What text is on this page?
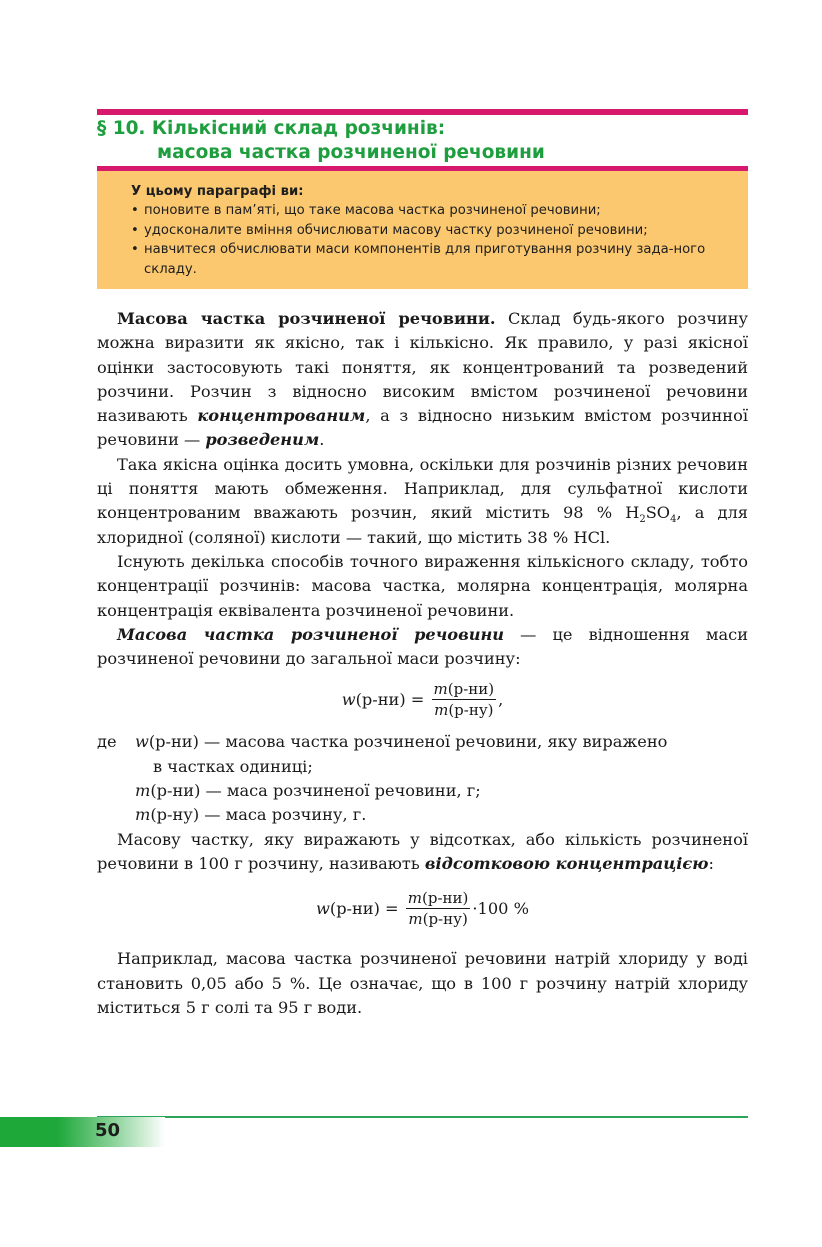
§ 10. Кількісний склад розчинів:
масова частка розчиненої речовини
У цьому параграфі ви:
• поновите в пам’яті, що таке масова частка розчиненої речовини;
• удосконалите вміння обчислювати масову частку розчиненої речовини;
• навчитеся обчислювати маси компонентів для приготування розчину зада-ного складу.

Масова частка розчиненої речовини. Склад будь-якого розчину можна виразити як якісно, так і кількісно. Як правило, у разі якісної оцінки застосовують такі поняття, як концентрований та розведений розчини. Розчин з відносно високим вмістом розчиненої речовини називають концентрованим, а з відносно низьким вмістом розчинної речовини — розведеним.

Така якісна оцінка досить умовна, оскільки для розчинів різних речовин ці поняття мають обмеження. Наприклад, для сульфатної кислоти концентрованим вважають розчин, який містить 98 % $H_2SO_4$, а для хлоридної (соляної) кислоти — такий, що містить 38 % HCl.

Існують декілька способів точного вираження кількісного складу, тобто концентрації розчинів: масова частка, молярна концентрація, молярна концентрація еквівалента розчиненої речовини.

Масова частка розчиненої речовини — це відношення маси розчиненої речовини до загальної маси розчину:

$w(р-ни) = \frac{m(р-ни)}{m(р-ну)}$ ,
де	w(р-ни) — масова частка розчиненої речовини, яку виражено
в частках одиниці;
m(р-ни) — маса розчиненої речовини, г;
m(р-ну) — маса розчину, г.

Масову частку, яку виражають у відсотках, або кількість розчиненої речовини в 100 г розчину, називають відсотковою концентрацією:

$w(р-ни) = \frac{m(р-ни)}{m(р-ну)} \cdot 100$ %

Наприклад, масова частка розчиненої речовини натрій хлориду у воді становить 0,05 або 5 %. Це означає, що в 100 г розчину натрій хлориду міститься 5 г солі та 95 г води.

50
